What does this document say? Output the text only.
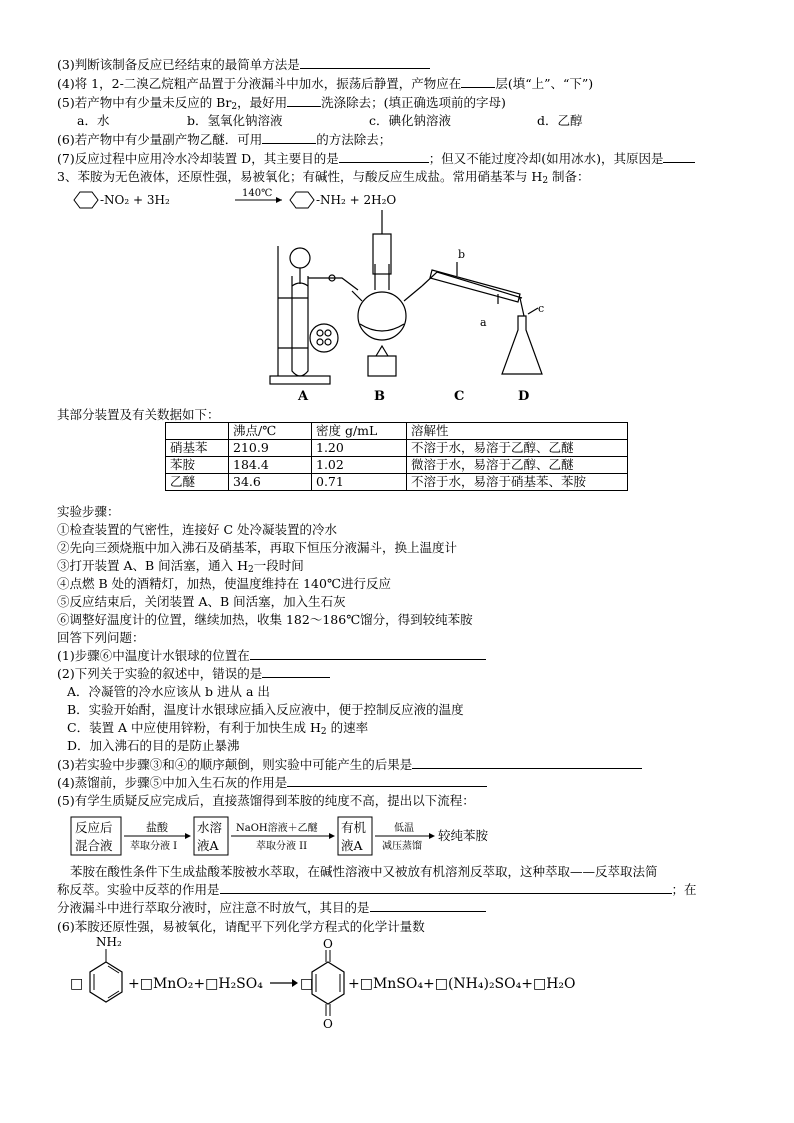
(3)判断该制备反应已经结束的最简单方法是
(4)将 1，2-二溴乙烷粗产品置于分液漏斗中加水，振荡后静置，产物应在	层(填“上”、“下”)
(5)若产物中有少量未反应的 $Br_2$，最好用	洗涤除去；(填正确选项前的字母)
a．水	b．氢氧化钠溶液	c．碘化钠溶液	d．乙醇
(6)若产物中有少量副产物乙醚．可用	的方法除去；
(7)反应过程中应用冷水冷却装置 D，其主要目的是	；但又不能过度冷却(如用冰水)，其原因是
3、苯胺为无色液体，还原性强，易被氧化；有碱性，与酸反应生成盐。常用硝基苯与 $H_2$ 制备：
-NO₂ + 3H₂	140℃	-NH₂ + 2H₂O
A	B	C	D
b
a
c
其部分装置及有关数据如下：
	沸点/℃	密度 g/mL	溶解性
硝基苯	210.9	1.20	不溶于水，易溶于乙醇、乙醚
苯胺	184.4	1.02	微溶于水，易溶于乙醇、乙醚
乙醚	34.6	0.71	不溶于水，易溶于硝基苯、苯胺
实验步骤：
①检查装置的气密性，连接好 C 处冷凝装置的冷水
②先向三颈烧瓶中加入沸石及硝基苯，再取下恒压分液漏斗，换上温度计
③打开装置 A、B 间活塞，通入 $H_2$一段时间
④点燃 B 处的酒精灯，加热，使温度维持在 140℃进行反应
⑤反应结束后，关闭装置 A、B 间活塞，加入生石灰
⑥调整好温度计的位置，继续加热，收集 182～186℃馏分，得到较纯苯胺
回答下列问题：
(1)步骤⑥中温度计水银球的位置在
(2)下列关于实验的叙述中，错误的是
A．冷凝管的冷水应该从 b 进从 a 出
B．实验开始酎，温度计水银球应插入反应液中，便于控制反应液的温度
C．装置 A 中应使用锌粉，有利于加快生成 $H_2$ 的速率
D．加入沸石的目的是防止暴沸
(3)若实验中步骤③和④的顺序颠倒，则实验中可能产生的后果是
(4)蒸馏前，步骤⑤中加入生石灰的作用是
(5)有学生质疑反应完成后，直接蒸馏得到苯胺的纯度不高，提出以下流程：
反应后
混合液
盐酸
萃取分液 I
水溶
液A
NaOH溶液＋乙醚
萃取分液 II
有机
液A
低温
减压蒸馏
较纯苯胺
苯胺在酸性条件下生成盐酸苯胺被水萃取，在碱性溶液中又被放有机溶剂反萃取，这种萃取——反萃取法简
称反萃。实验中反萃的作用是	；在
分液漏斗中进行萃取分液时，应注意不时放气，其目的是
(6)苯胺还原性强，易被氧化，请配平下列化学方程式的化学计量数
□
NH₂
+□MnO₂+□H₂SO₄	□
O
O
+□MnSO₄+□(NH₄)₂SO₄+□H₂O
